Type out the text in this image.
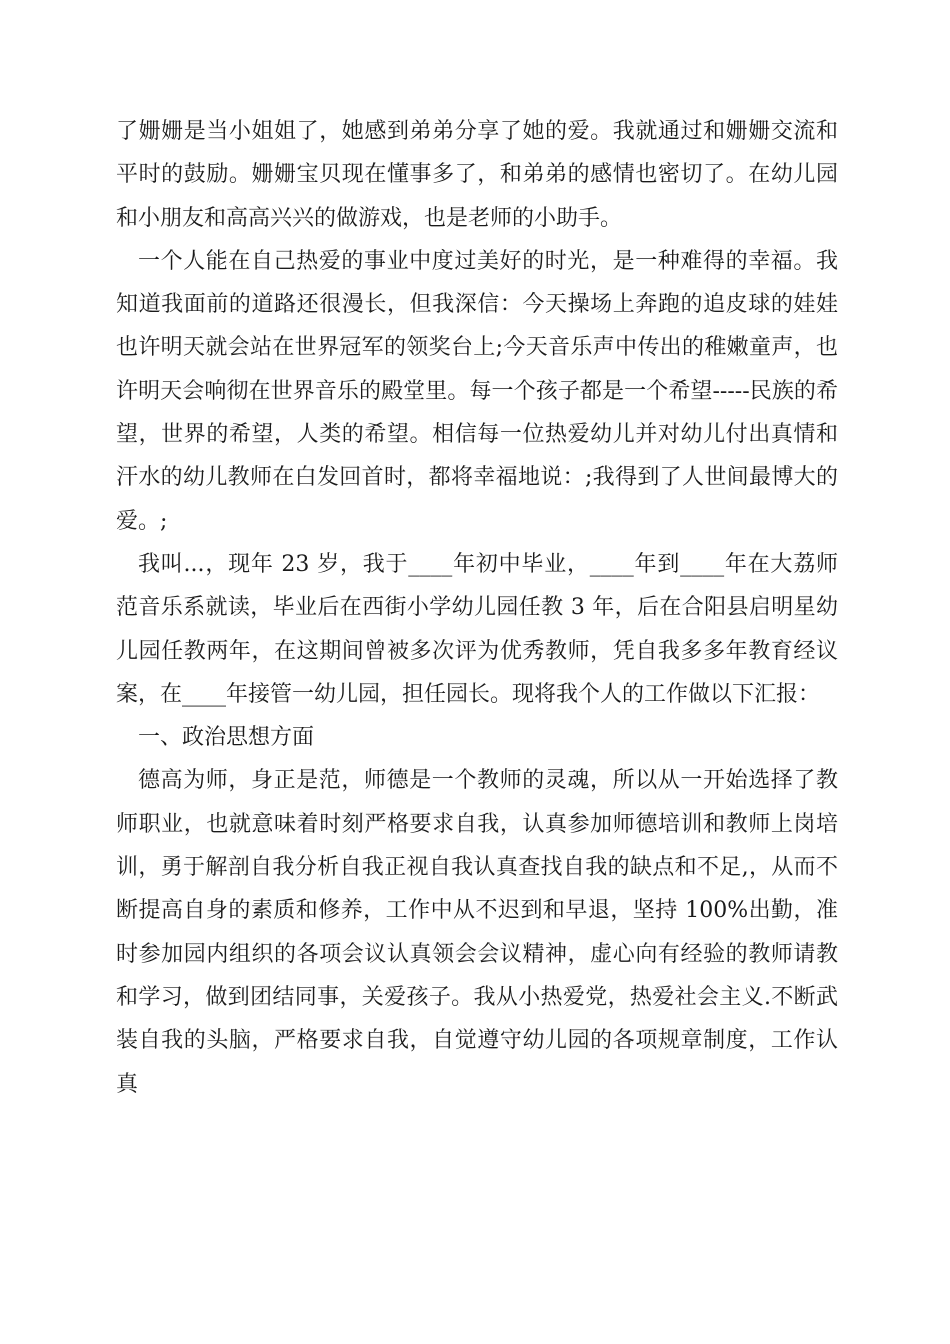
了姗姗是当小姐姐了，她感到弟弟分享了她的爱。我就通过和姗姗交流和平时的鼓励。姗姗宝贝现在懂事多了，和弟弟的感情也密切了。在幼儿园和小朋友和高高兴兴的做游戏，也是老师的小助手。

一个人能在自己热爱的事业中度过美好的时光，是一种难得的幸福。我知道我面前的道路还很漫长，但我深信：今天操场上奔跑的追皮球的娃娃也许明天就会站在世界冠军的领奖台上;今天音乐声中传出的稚嫩童声，也许明天会响彻在世界音乐的殿堂里。每一个孩子都是一个希望-----民族的希望，世界的希望，人类的希望。相信每一位热爱幼儿并对幼儿付出真情和汗水的幼儿教师在白发回首时，都将幸福地说：;我得到了人世间最博大的爱。;

我叫...，现年 23 岁，我于____年初中毕业，____年到____年在大荔师范音乐系就读，毕业后在西街小学幼儿园任教 3 年，后在合阳县启明星幼儿园任教两年，在这期间曾被多次评为优秀教师，凭自我多多年教育经议案，在____年接管一幼儿园，担任园长。现将我个人的工作做以下汇报：

一、政治思想方面

德高为师，身正是范，师德是一个教师的灵魂，所以从一开始选择了教师职业，也就意味着时刻严格要求自我，认真参加师德培训和教师上岗培训，勇于解剖自我分析自我正视自我认真查找自我的缺点和不足,，从而不断提高自身的素质和修养，工作中从不迟到和早退，坚持 100%出勤，准时参加园内组织的各项会议认真领会会议精神，虚心向有经验的教师请教和学习，做到团结同事，关爱孩子。我从小热爱党，热爱社会主义.不断武装自我的头脑，严格要求自我，自觉遵守幼儿园的各项规章制度，工作认真
